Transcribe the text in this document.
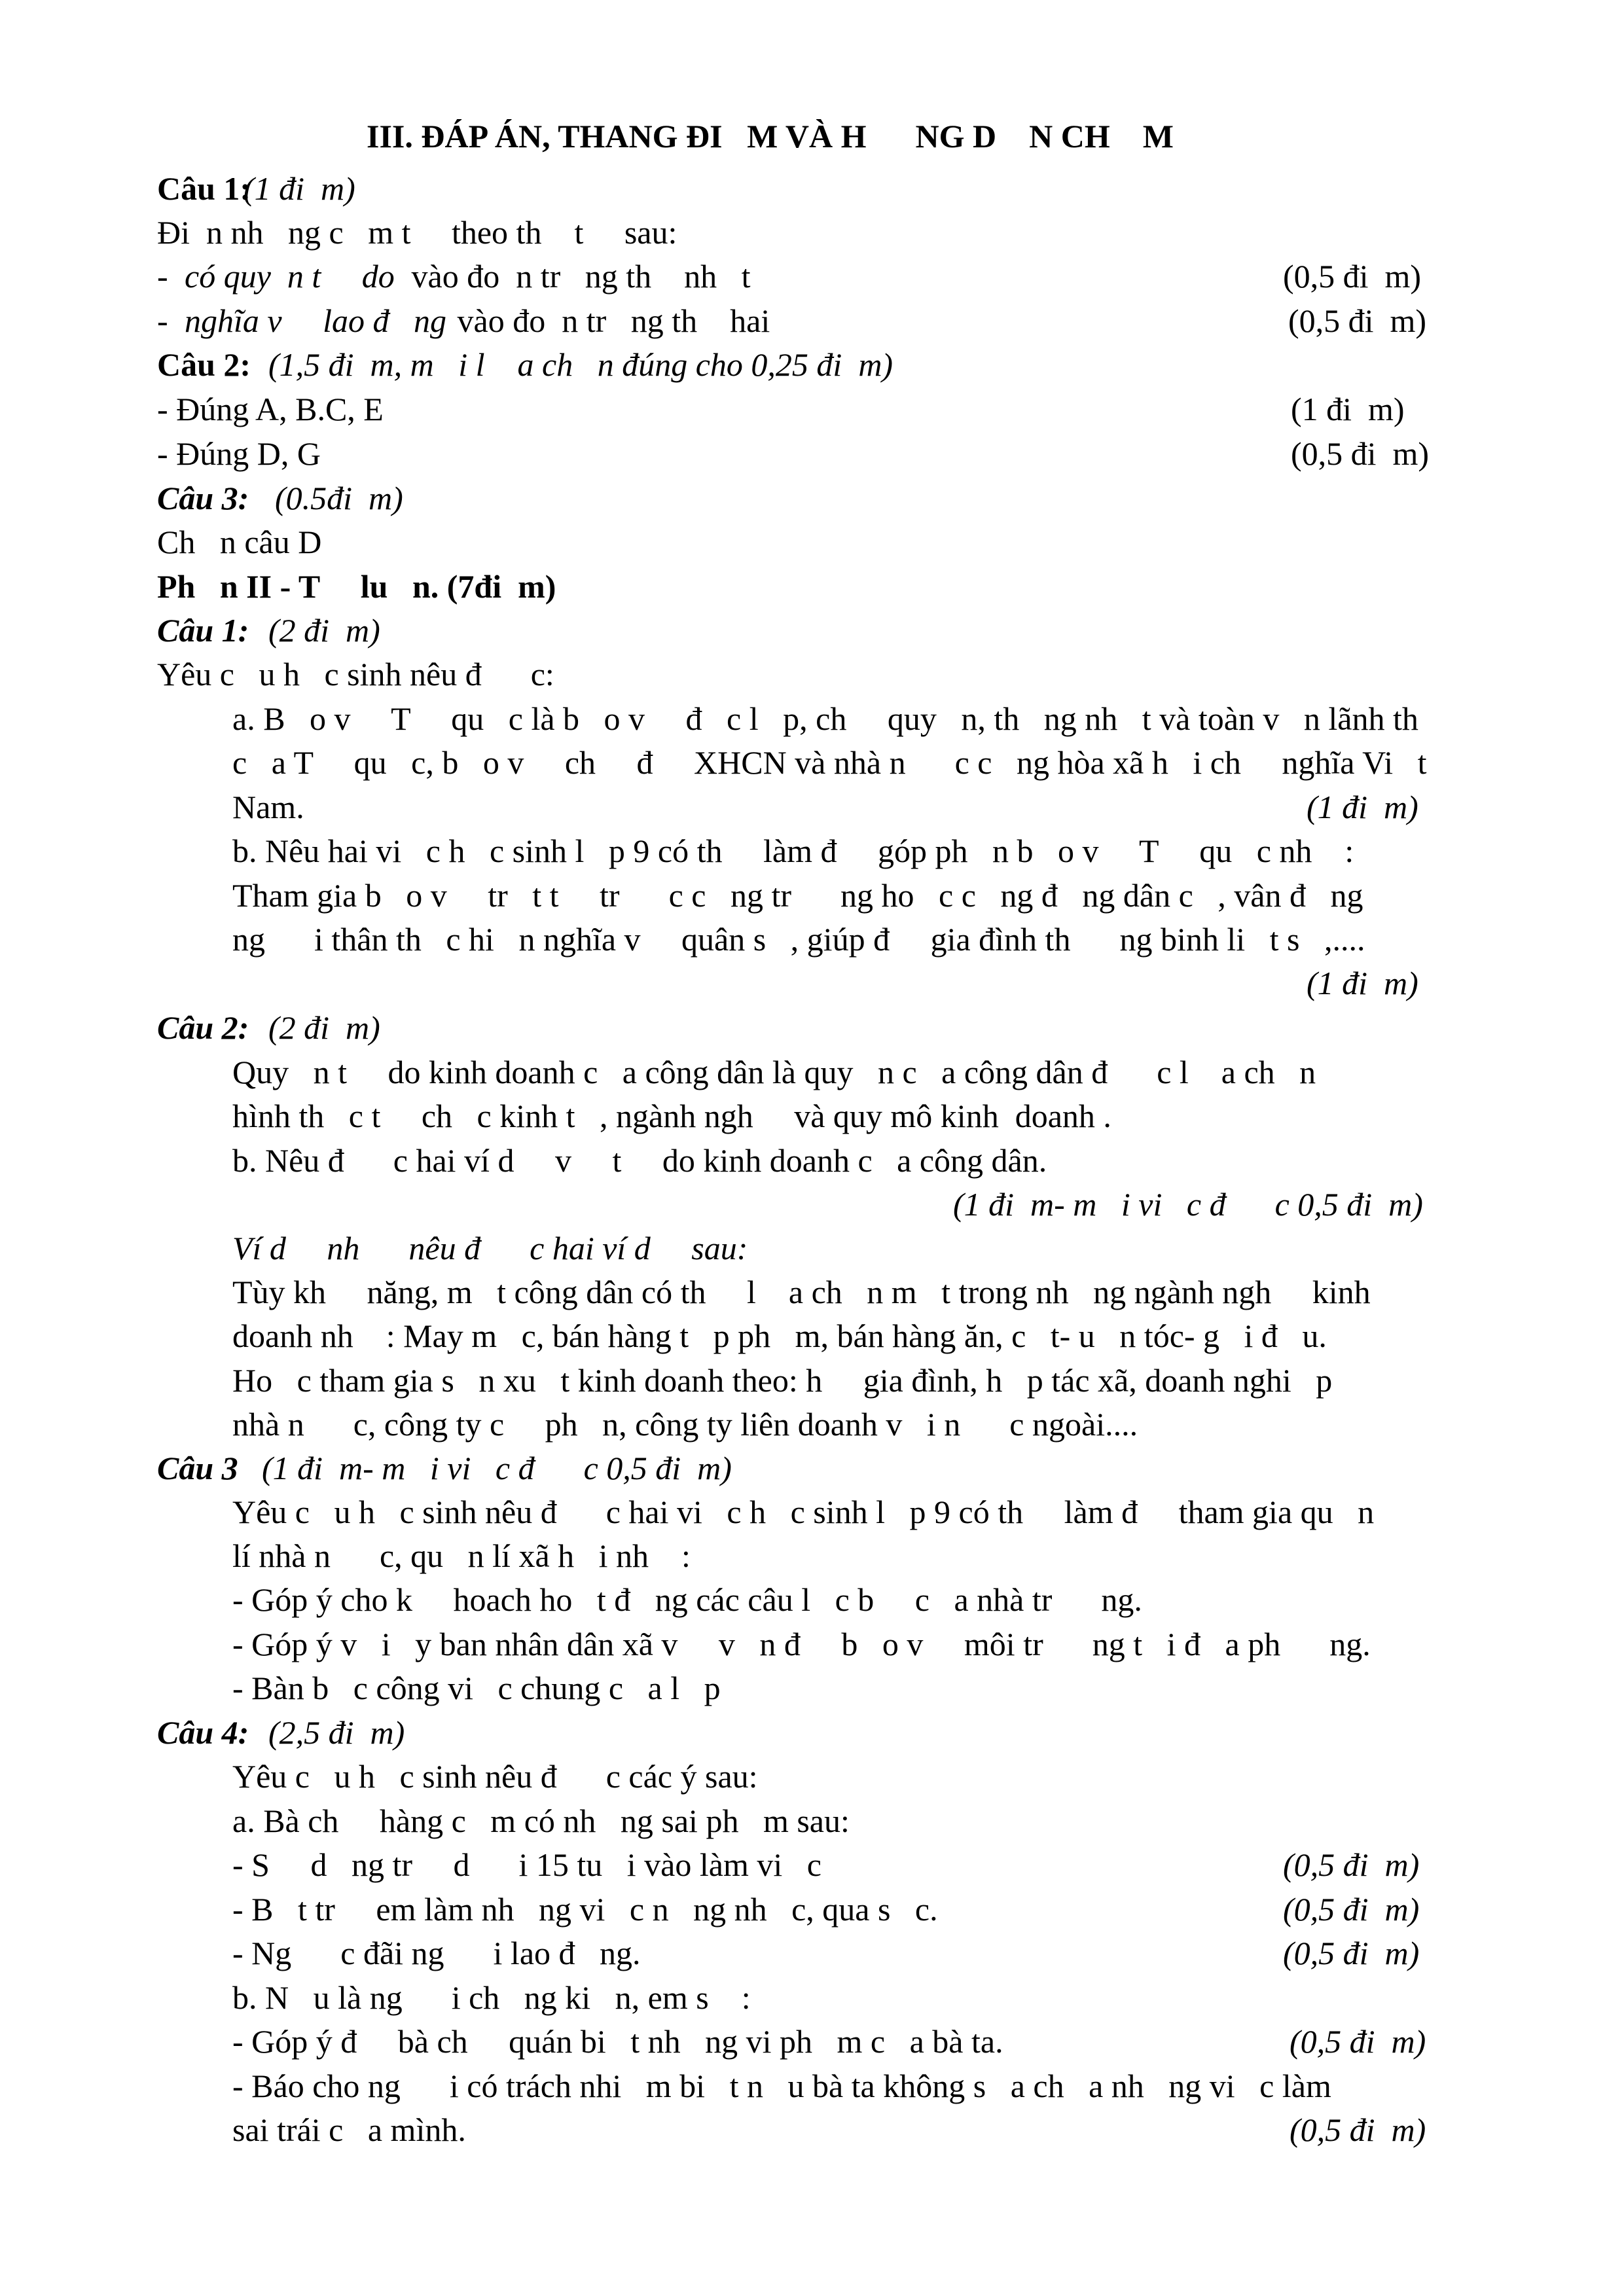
III. ĐÁP ÁN, THANG ĐI   M VÀ H      NG D    N CH    M
Câu 1:
(1 đi  m)
Đi  n nh   ng c   m t     theo th    t     sau:
- có quy  n t     do vào đo  n tr   ng th    nh   t	(0,5 đi  m)
- nghĩa v     lao đ   ng vào đo  n tr   ng th    hai	(0,5 đi  m)
Câu 2: (1,5 đi  m, m   i l    a ch   n đúng cho 0,25 đi  m)
- Đúng A, B.C, E	(1 đi  m)
- Đúng D, G	(0,5 đi  m)
Câu 3: (0.5đi  m)
Ch   n câu D
Ph   n II - T     lu   n. (7đi  m)
Câu 1: (2 đi  m)
Yêu c   u h   c sinh nêu đ      c:
a. B   o v     T     qu   c là b   o v     đ   c l   p, ch     quy   n, th   ng nh   t và toàn v   n lãnh th
c   a T     qu   c, b   o v     ch     đ     XHCN và nhà n      c c   ng hòa xã h   i ch     nghĩa Vi   t
Nam.	(1 đi  m)
b. Nêu hai vi   c h   c sinh l   p 9 có th     làm đ     góp ph   n b   o v     T     qu   c nh    :
Tham gia b   o v     tr   t t     tr      c c   ng tr      ng ho   c c   ng đ   ng dân c   , vân đ   ng
ng      i thân th   c hi   n nghĩa v     quân s   , giúp đ     gia đình th      ng binh li   t s   ,....
(1 đi  m)
Câu 2: (2 đi  m)
Quy   n t     do kinh doanh c   a công dân là quy   n c   a công dân đ      c l    a ch   n
hình th   c t     ch   c kinh t   , ngành ngh     và quy mô kinh  doanh .
b. Nêu đ      c hai ví d     v     t     do kinh doanh c   a công dân.
(1 đi  m- m   i vi   c đ      c 0,5 đi  m)
Ví d     nh      nêu đ      c hai ví d     sau:
Tùy kh     năng, m   t công dân có th     l    a ch   n m   t trong nh   ng ngành ngh     kinh
doanh nh    : May m   c, bán hàng t   p ph   m, bán hàng ăn, c   t- u   n tóc- g   i đ   u.
Ho   c tham gia s   n xu   t kinh doanh theo: h     gia đình, h   p tác xã, doanh nghi   p
nhà n      c, công ty c     ph   n, công ty liên doanh v   i n      c ngoài....
Câu 3 (1 đi  m- m   i vi   c đ      c 0,5 đi  m)
Yêu c   u h   c sinh nêu đ      c hai vi   c h   c sinh l   p 9 có th     làm đ     tham gia qu   n
lí nhà n      c, qu   n lí xã h   i nh    :
- Góp ý cho k     hoach ho   t đ   ng các câu l   c b     c   a nhà tr      ng.
- Góp ý v   i   y ban nhân dân xã v     v   n đ     b   o v     môi tr      ng t   i đ   a ph      ng.
- Bàn b   c công vi   c chung c   a l   p
Câu 4: (2,5 đi  m)
Yêu c   u h   c sinh nêu đ      c các ý sau:
a. Bà ch     hàng c   m có nh   ng sai ph   m sau:
- S     d   ng tr     d      i 15 tu   i vào làm vi   c	(0,5 đi  m)
- B   t tr     em làm nh   ng vi   c n   ng nh   c, qua s   c.	(0,5 đi  m)
- Ng      c đãi ng      i lao đ   ng.	(0,5 đi  m)
b. N   u là ng      i ch   ng ki   n, em s    :
- Góp ý đ     bà ch     quán bi   t nh   ng vi ph   m c   a bà ta.	(0,5 đi  m)
- Báo cho ng      i có trách nhi   m bi   t n   u bà ta không s   a ch   a nh   ng vi   c làm
sai trái c   a mình.	(0,5 đi  m)
